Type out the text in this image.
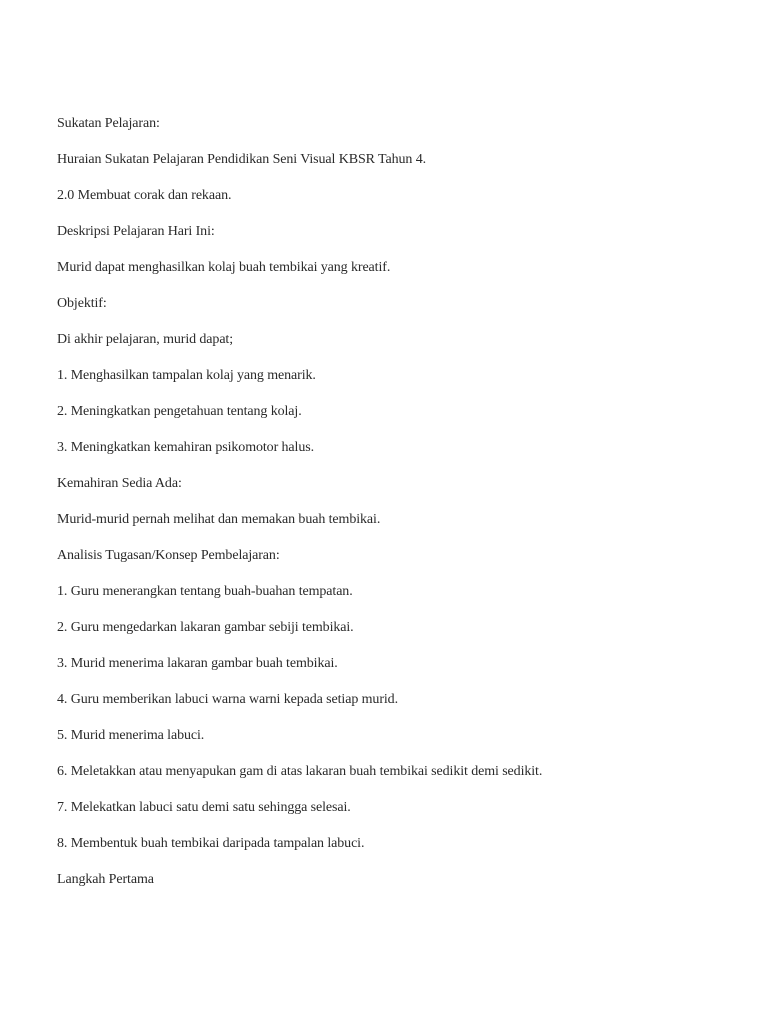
Sukatan Pelajaran:
Huraian Sukatan Pelajaran Pendidikan Seni Visual KBSR Tahun 4.
2.0 Membuat corak dan rekaan.
Deskripsi Pelajaran Hari Ini:
Murid dapat menghasilkan kolaj buah tembikai yang kreatif.
Objektif:
Di akhir pelajaran, murid dapat;
1. Menghasilkan tampalan kolaj yang menarik.
2. Meningkatkan pengetahuan tentang kolaj.
3. Meningkatkan kemahiran psikomotor halus.
Kemahiran Sedia Ada:
Murid-murid pernah melihat dan memakan buah tembikai.
Analisis Tugasan/Konsep Pembelajaran:
1. Guru menerangkan tentang buah-buahan tempatan.
2. Guru mengedarkan lakaran gambar sebiji tembikai.
3. Murid menerima lakaran gambar buah tembikai.
4. Guru memberikan labuci warna warni kepada setiap murid.
5. Murid menerima labuci.
6. Meletakkan atau menyapukan gam di atas lakaran buah tembikai sedikit demi sedikit.
7. Melekatkan labuci satu demi satu sehingga selesai.
8. Membentuk buah tembikai daripada tampalan labuci.
Langkah Pertama
